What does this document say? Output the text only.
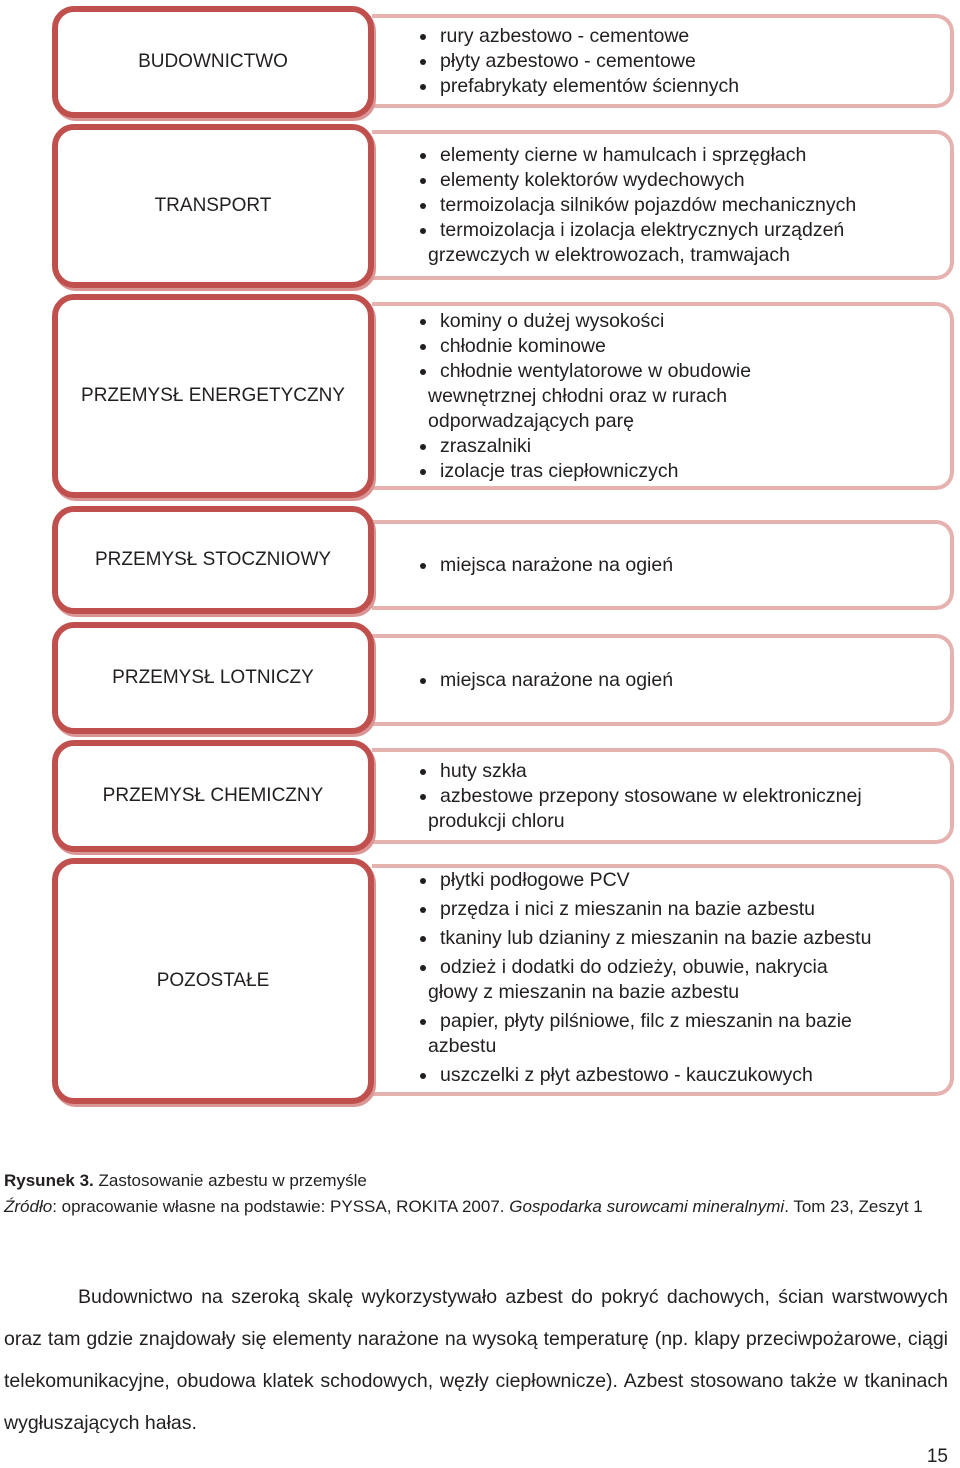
rury azbestowo - cementowe
płyty azbestowo - cementowe
prefabrykaty elementów ściennych
BUDOWNICTWO
elementy cierne w hamulcach i sprzęgłach
elementy kolektorów wydechowych
termoizolacja silników pojazdów mechanicznych
termoizolacja i izolacja elektrycznych urządzeń
grzewczych w elektrowozach, tramwajach
TRANSPORT
kominy o dużej wysokości
chłodnie kominowe
chłodnie wentylatorowe w obudowie
wewnętrznej chłodni oraz w rurach
odporwadzających parę
zraszalniki
izolacje tras ciepłowniczych
PRZEMYSŁ ENERGETYCZNY
miejsca narażone na ogień
PRZEMYSŁ STOCZNIOWY
miejsca narażone na ogień
PRZEMYSŁ LOTNICZY
huty szkła
azbestowe przepony stosowane w elektronicznej
produkcji chloru
PRZEMYSŁ CHEMICZNY
płytki podłogowe PCV
przędza i nici z mieszanin na bazie azbestu
tkaniny lub dzianiny z mieszanin na bazie azbestu
odzież i dodatki do odzieży, obuwie, nakrycia
głowy z mieszanin na bazie azbestu
papier, płyty pilśniowe, filc z mieszanin na bazie
azbestu
uszczelki z płyt azbestowo - kauczukowych
POZOSTAŁE
Rysunek 3. Zastosowanie azbestu w przemyśle
Źródło: opracowanie własne na podstawie: PYSSA, ROKITA 2007. Gospodarka surowcami mineralnymi. Tom 23, Zeszyt 1
Budownictwo na szeroką skalę wykorzystywało azbest do pokryć dachowych, ścian warstwowych oraz tam gdzie znajdowały się elementy narażone na wysoką temperaturę (np. klapy przeciwpożarowe, ciągi telekomunikacyjne, obudowa klatek schodowych, węzły ciepłownicze). Azbest stosowano także w tkaninach wygłuszających hałas.
15
